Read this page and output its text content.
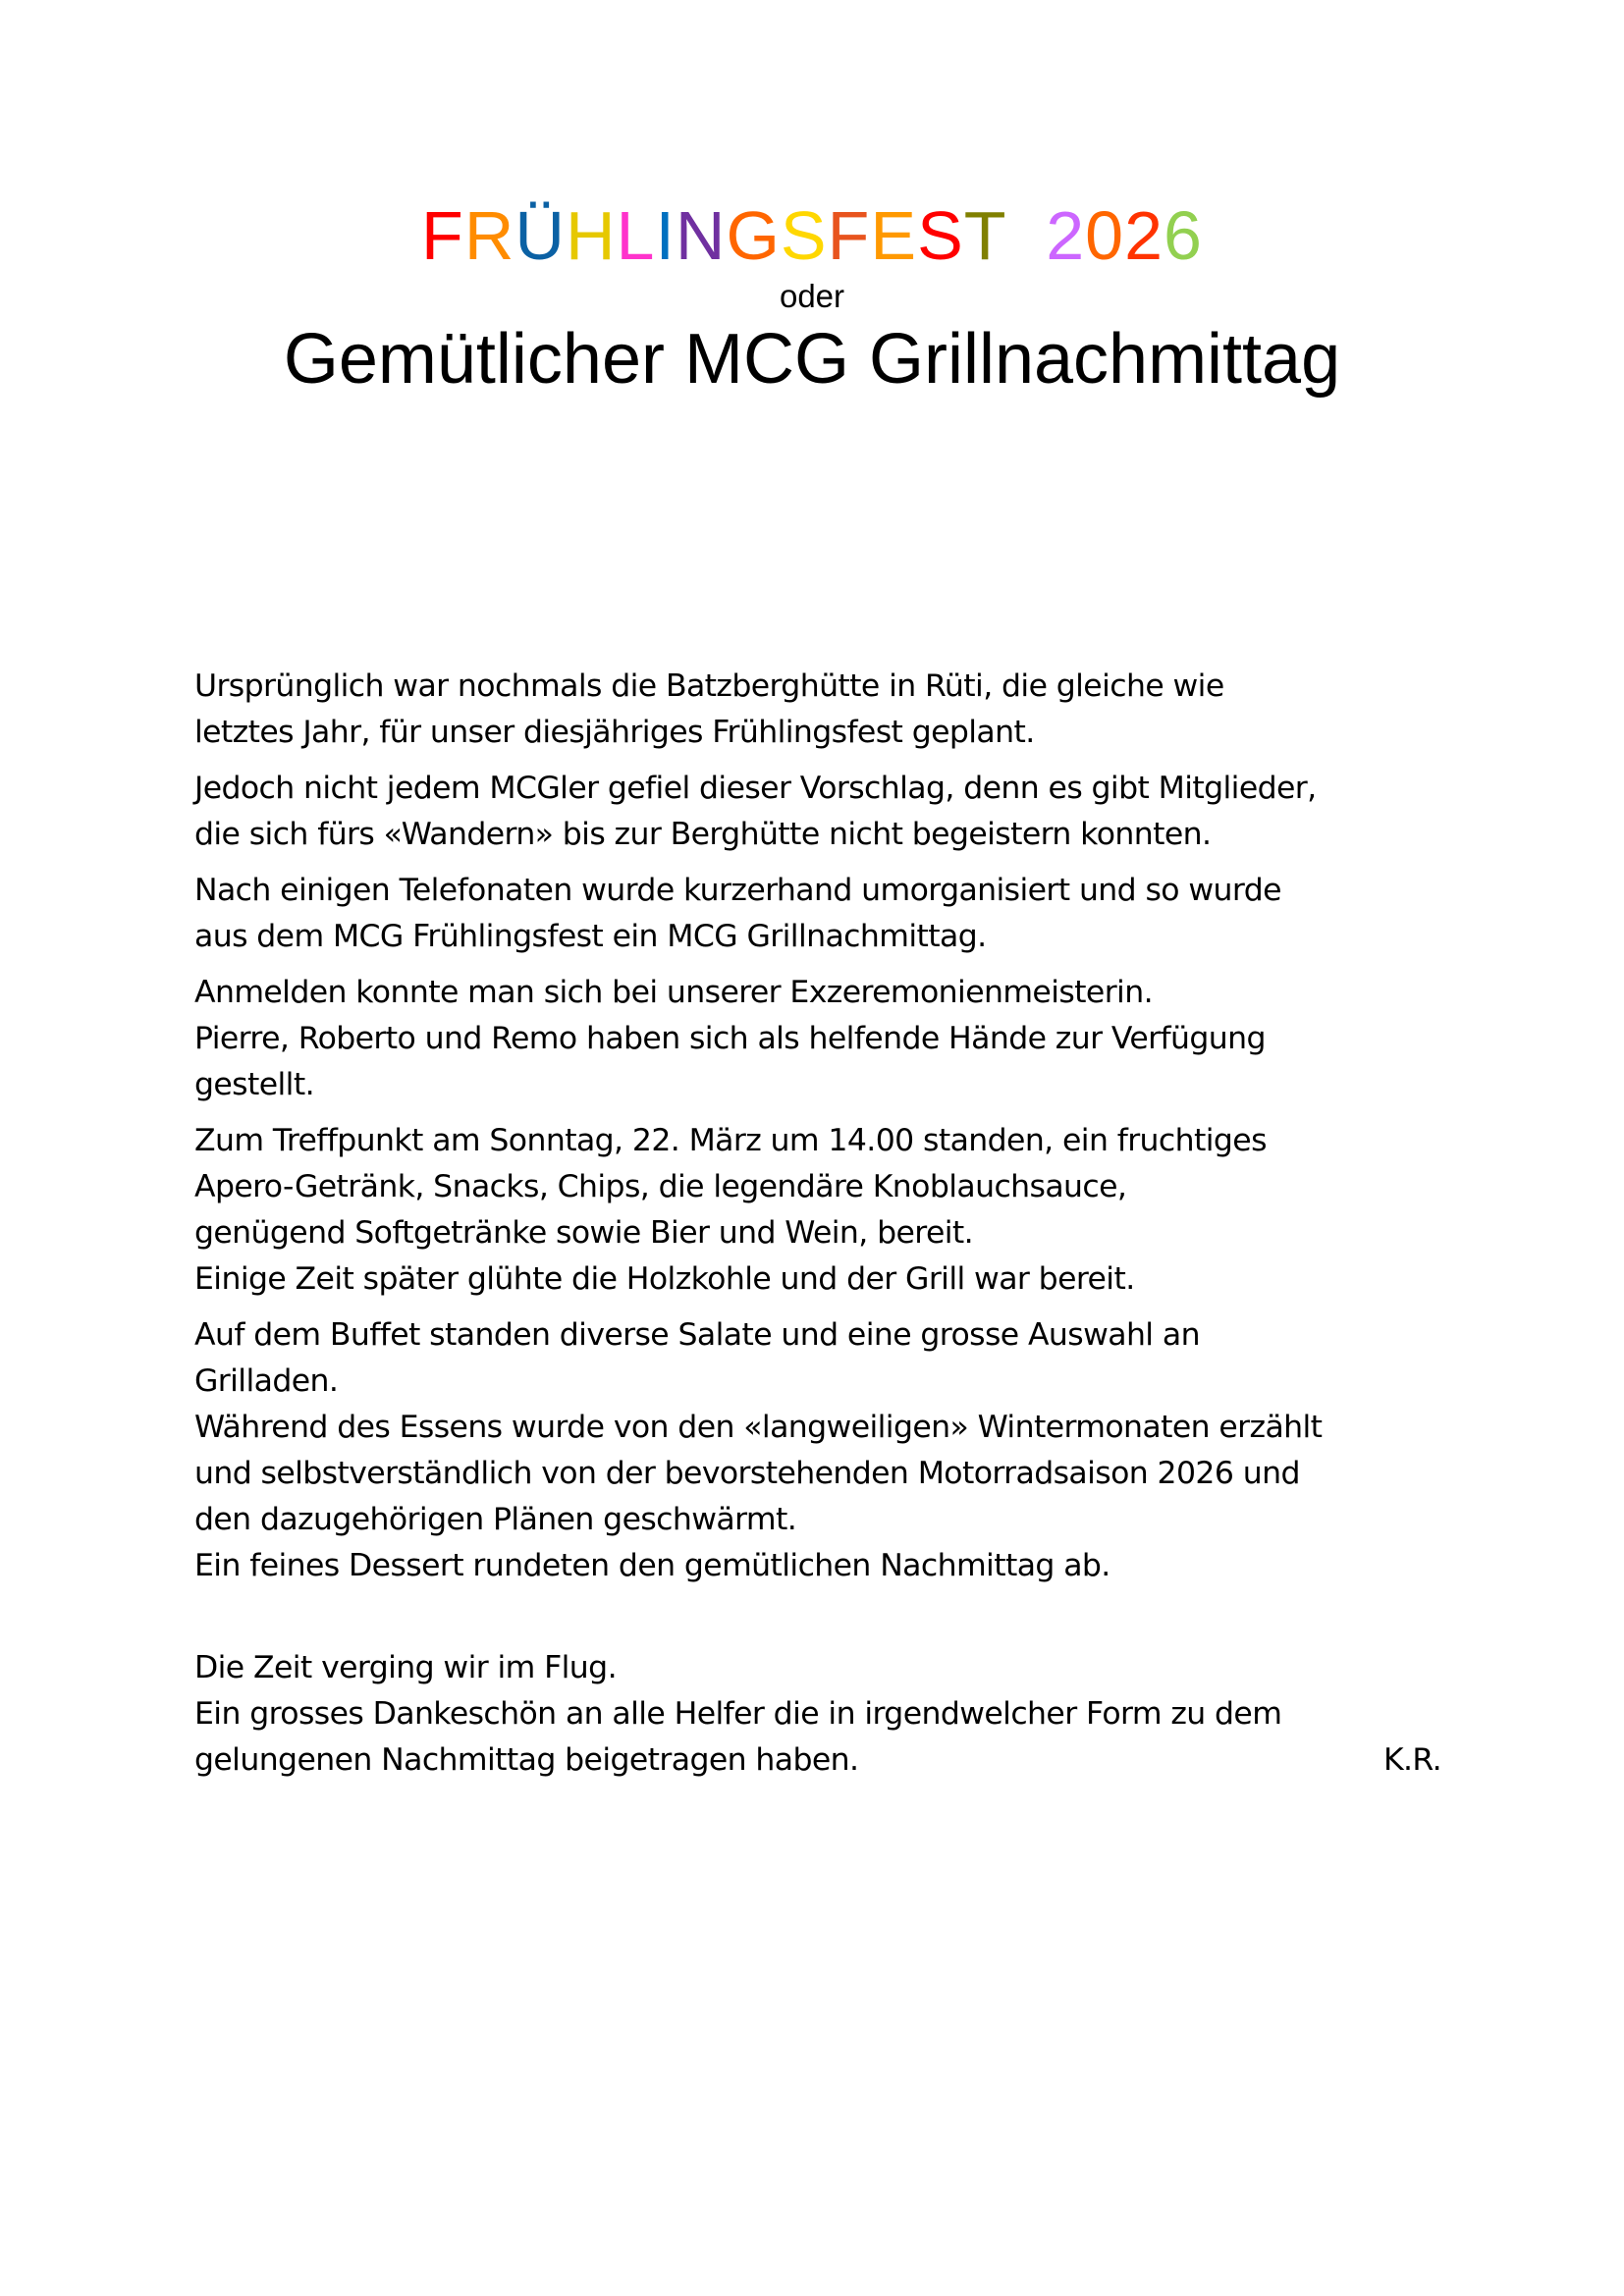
FRÜHLINGSFEST 2026
oder
Gemütlicher MCG Grillnachmittag
Ursprünglich war nochmals die Batzberghütte in Rüti, die gleiche wie
letztes Jahr, für unser diesjähriges Frühlingsfest geplant.
Jedoch nicht jedem MCGler gefiel dieser Vorschlag, denn es gibt Mitglieder,
die sich fürs «Wandern» bis zur Berghütte nicht begeistern konnten.
Nach einigen Telefonaten wurde kurzerhand umorganisiert und so wurde
aus dem MCG Frühlingsfest ein MCG Grillnachmittag.
Anmelden konnte man sich bei unserer Exzeremonienmeisterin.
Pierre, Roberto und Remo haben sich als helfende Hände zur Verfügung
gestellt.
Zum Treffpunkt am Sonntag, 22. März um 14.00 standen, ein fruchtiges
Apero-Getränk, Snacks, Chips, die legendäre Knoblauchsauce,
genügend Softgetränke sowie Bier und Wein, bereit.
Einige Zeit später glühte die Holzkohle und der Grill war bereit.
Auf dem Buffet standen diverse Salate und eine grosse Auswahl an
Grilladen.
Während des Essens wurde von den «langweiligen» Wintermonaten erzählt
und selbstverständlich von der bevorstehenden Motorradsaison 2026 und
den dazugehörigen Plänen geschwärmt.
Ein feines Dessert rundeten den gemütlichen Nachmittag ab.
Die Zeit verging wir im Flug.
Ein grosses Dankeschön an alle Helfer die in irgendwelcher Form zu dem
gelungenen Nachmittag beigetragen haben.	K.R.
